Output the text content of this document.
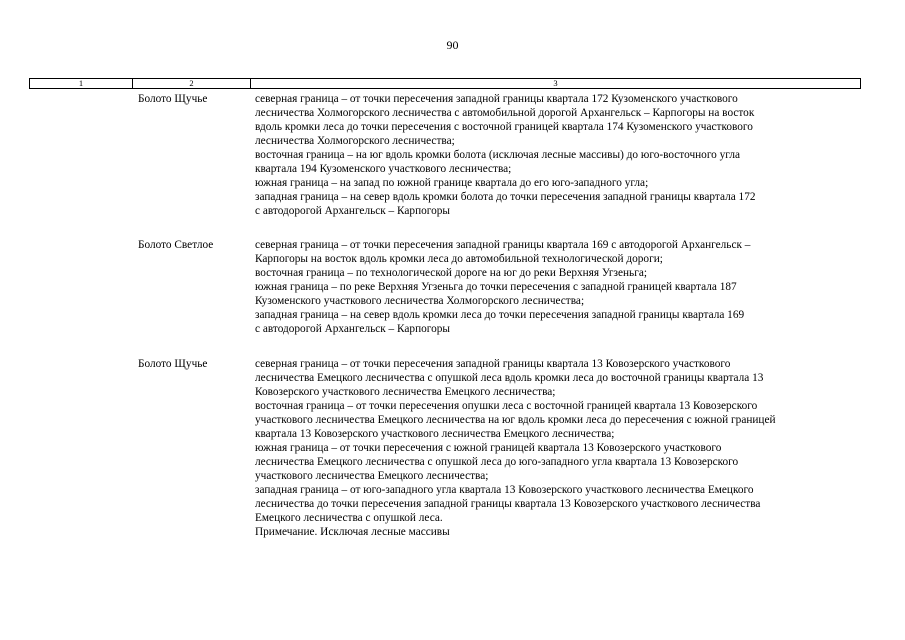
90
1	2	3
Болото Щучье	северная граница – от точки пересечения западной границы квартала 172 Кузоменского участкового
лесничества Холмогорского лесничества с автомобильной дорогой Архангельск – Карпогоры на восток
вдоль кромки леса до точки пересечения с восточной границей квартала 174 Кузоменского участкового
лесничества Холмогорского лесничества;
восточная граница – на юг вдоль кромки болота (исключая лесные массивы) до юго-восточного угла
квартала 194 Кузоменского участкового лесничества;
южная граница – на запад по южной границе квартала до его юго-западного угла;
западная граница – на север вдоль кромки болота до точки пересечения западной границы квартала 172
с автодорогой Архангельск – Карпогоры
Болото Светлое	северная граница – от точки пересечения западной границы квартала 169 с автодорогой Архангельск –
Карпогоры на восток вдоль кромки леса до автомобильной технологической дороги;
восточная граница – по технологической дороге на юг до реки Верхняя Угзеньга;
южная граница – по реке Верхняя Угзеньга до точки пересечения с западной границей квартала 187
Кузоменского участкового лесничества Холмогорского лесничества;
западная граница – на север вдоль кромки леса до точки пересечения западной границы квартала 169
с автодорогой Архангельск – Карпогоры
Болото Щучье	северная граница – от точки пересечения западной границы квартала 13 Ковозерского участкового
лесничества Емецкого лесничества с опушкой леса вдоль кромки леса до восточной границы квартала 13
Ковозерского участкового лесничества Емецкого лесничества;
восточная граница – от точки пересечения опушки леса с восточной границей квартала 13 Ковозерского
участкового лесничества Емецкого лесничества на юг вдоль кромки леса до пересечения с южной границей
квартала 13 Ковозерского участкового лесничества Емецкого лесничества;
южная граница – от точки пересечения с южной границей квартала 13 Ковозерского участкового
лесничества Емецкого лесничества с опушкой леса до юго-западного угла квартала 13 Ковозерского
участкового лесничества Емецкого лесничества;
западная граница – от юго-западного угла квартала 13 Ковозерского участкового лесничества Емецкого
лесничества до точки пересечения западной границы квартала 13 Ковозерского участкового лесничества
Емецкого лесничества с опушкой леса.
Примечание. Исключая лесные массивы
